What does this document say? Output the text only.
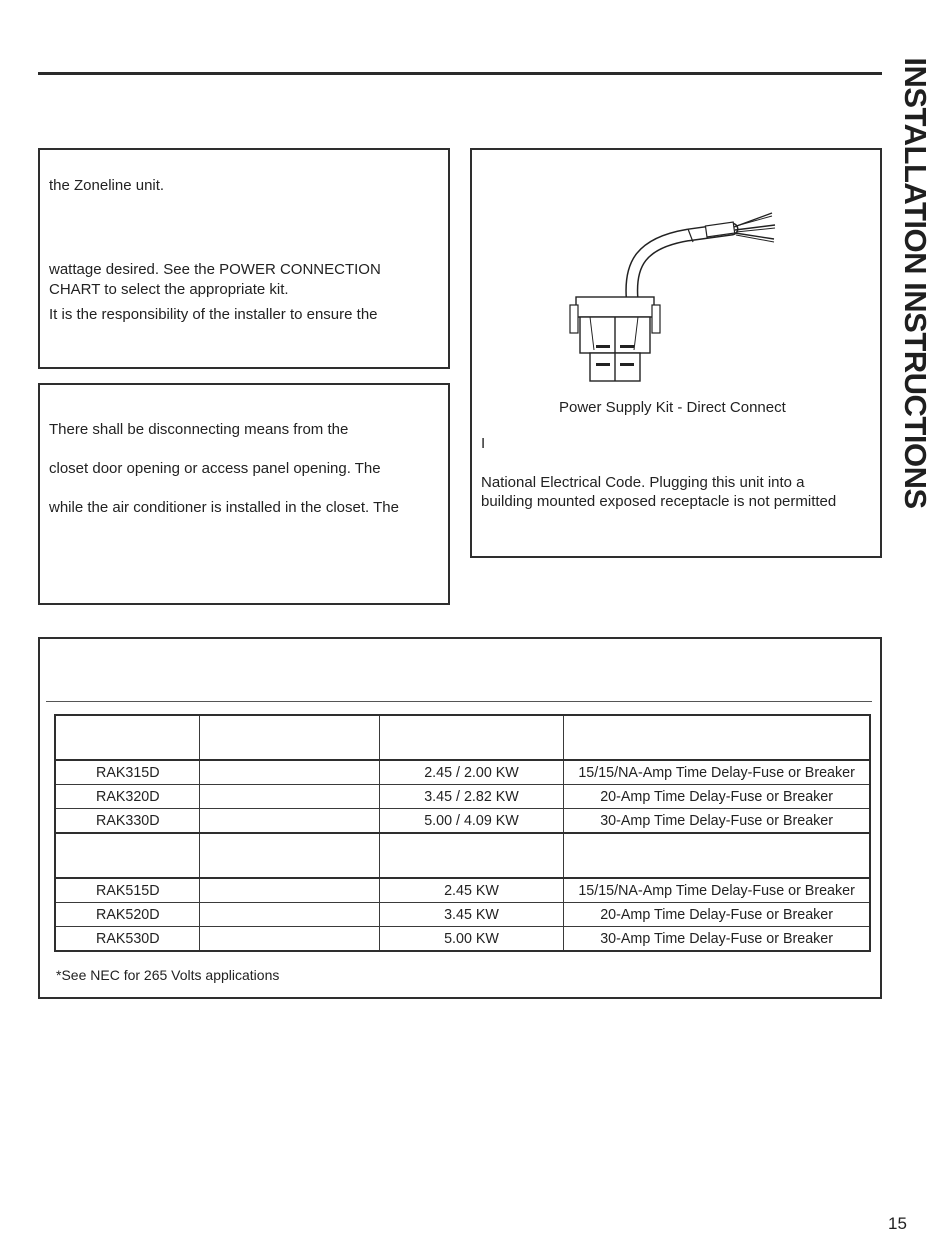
INSTALLATION INSTRUCTIONS
the Zoneline unit.
wattage desired. See the POWER CONNECTION
CHART to select the appropriate kit.
It is the responsibility of the installer to ensure the
There shall be disconnecting means from the
closet door opening or access panel opening. The
while the air conditioner is installed in the closet. The
Power Supply Kit - Direct Connect
I
National Electrical Code. Plugging this unit into a
building mounted exposed receptacle is not permitted

RAK315D		2.45 / 2.00 KW	15/15/NA-Amp Time Delay-Fuse or Breaker
RAK320D		3.45 / 2.82 KW	20-Amp Time Delay-Fuse or Breaker
RAK330D		5.00 / 4.09 KW	30-Amp Time Delay-Fuse or Breaker

RAK515D		2.45 KW	15/15/NA-Amp Time Delay-Fuse or Breaker
RAK520D		3.45 KW	20-Amp Time Delay-Fuse or Breaker
RAK530D		5.00 KW	30-Amp Time Delay-Fuse or Breaker
*See NEC for 265 Volts applications
15
